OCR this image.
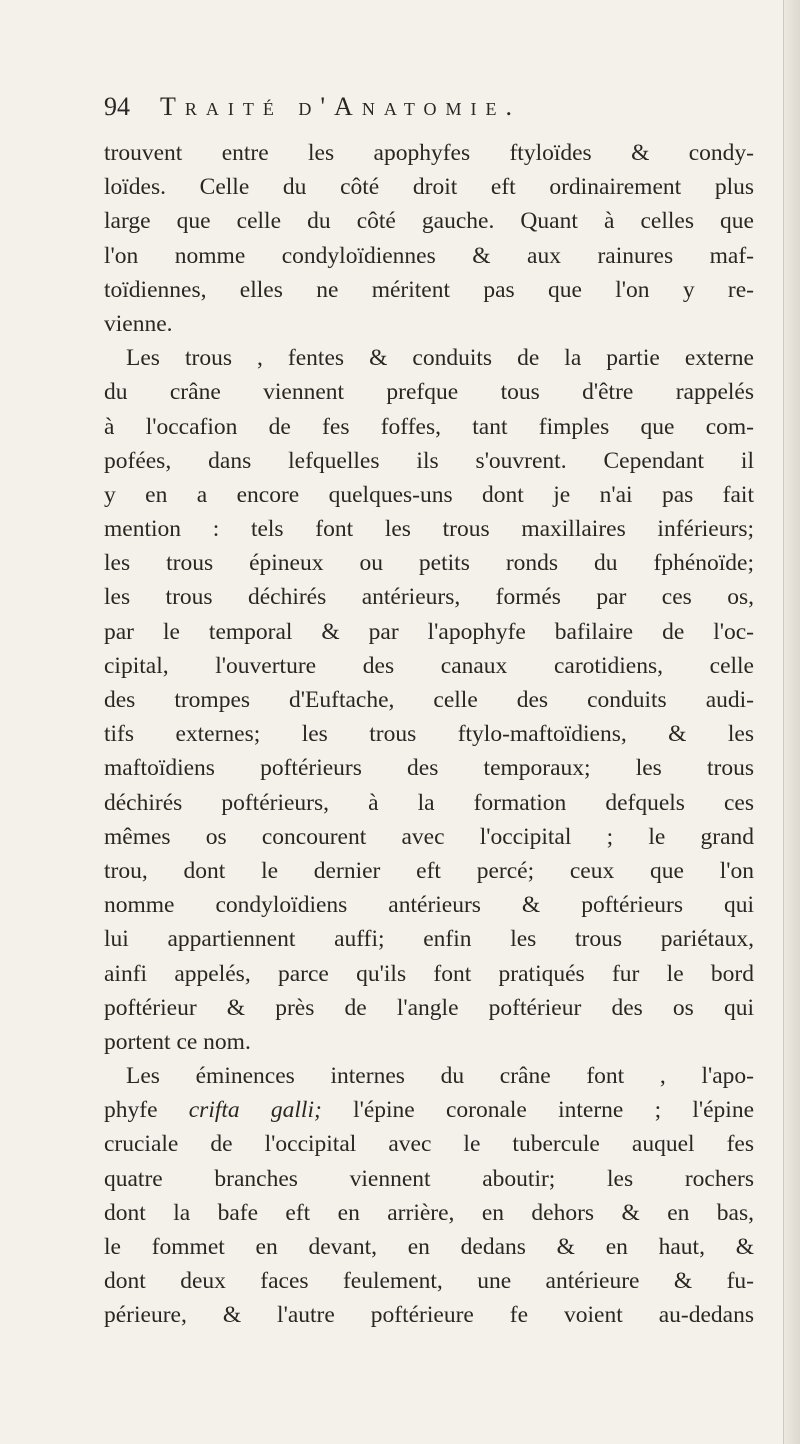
94 Traité d'Anatomie.
trouvent entre les apophyfes ftyloïdes & condy-
loïdes. Celle du côté droit eft ordinairement plus
large que celle du côté gauche. Quant à celles que
l'on nomme condyloïdiennes & aux rainures maf-
toïdiennes, elles ne méritent pas que l'on y re-
vienne.
Les trous , fentes & conduits de la partie externe
du crâne viennent prefque tous d'être rappelés
à l'occafion de fes foffes, tant fimples que com-
pofées, dans lefquelles ils s'ouvrent. Cependant il
y en a encore quelques-uns dont je n'ai pas fait
mention : tels font les trous maxillaires inférieurs;
les trous épineux ou petits ronds du fphénoïde;
les trous déchirés antérieurs, formés par ces os,
par le temporal & par l'apophyfe bafilaire de l'oc-
cipital, l'ouverture des canaux carotidiens, celle
des trompes d'Euftache, celle des conduits audi-
tifs externes; les trous ftylo-maftoïdiens, & les
maftoïdiens poftérieurs des temporaux; les trous
déchirés poftérieurs, à la formation defquels ces
mêmes os concourent avec l'occipital ; le grand
trou, dont le dernier eft percé; ceux que l'on
nomme condyloïdiens antérieurs & poftérieurs qui
lui appartiennent auffi; enfin les trous pariétaux,
ainfi appelés, parce qu'ils font pratiqués fur le bord
poftérieur & près de l'angle poftérieur des os qui
portent ce nom.
Les éminences internes du crâne font , l'apo-
phyfe crifta galli; l'épine coronale interne ; l'épine
cruciale de l'occipital avec le tubercule auquel fes
quatre branches viennent aboutir; les rochers
dont la bafe eft en arrière, en dehors & en bas,
le fommet en devant, en dedans & en haut, &
dont deux faces feulement, une antérieure & fu-
périeure, & l'autre poftérieure fe voient au-dedans
